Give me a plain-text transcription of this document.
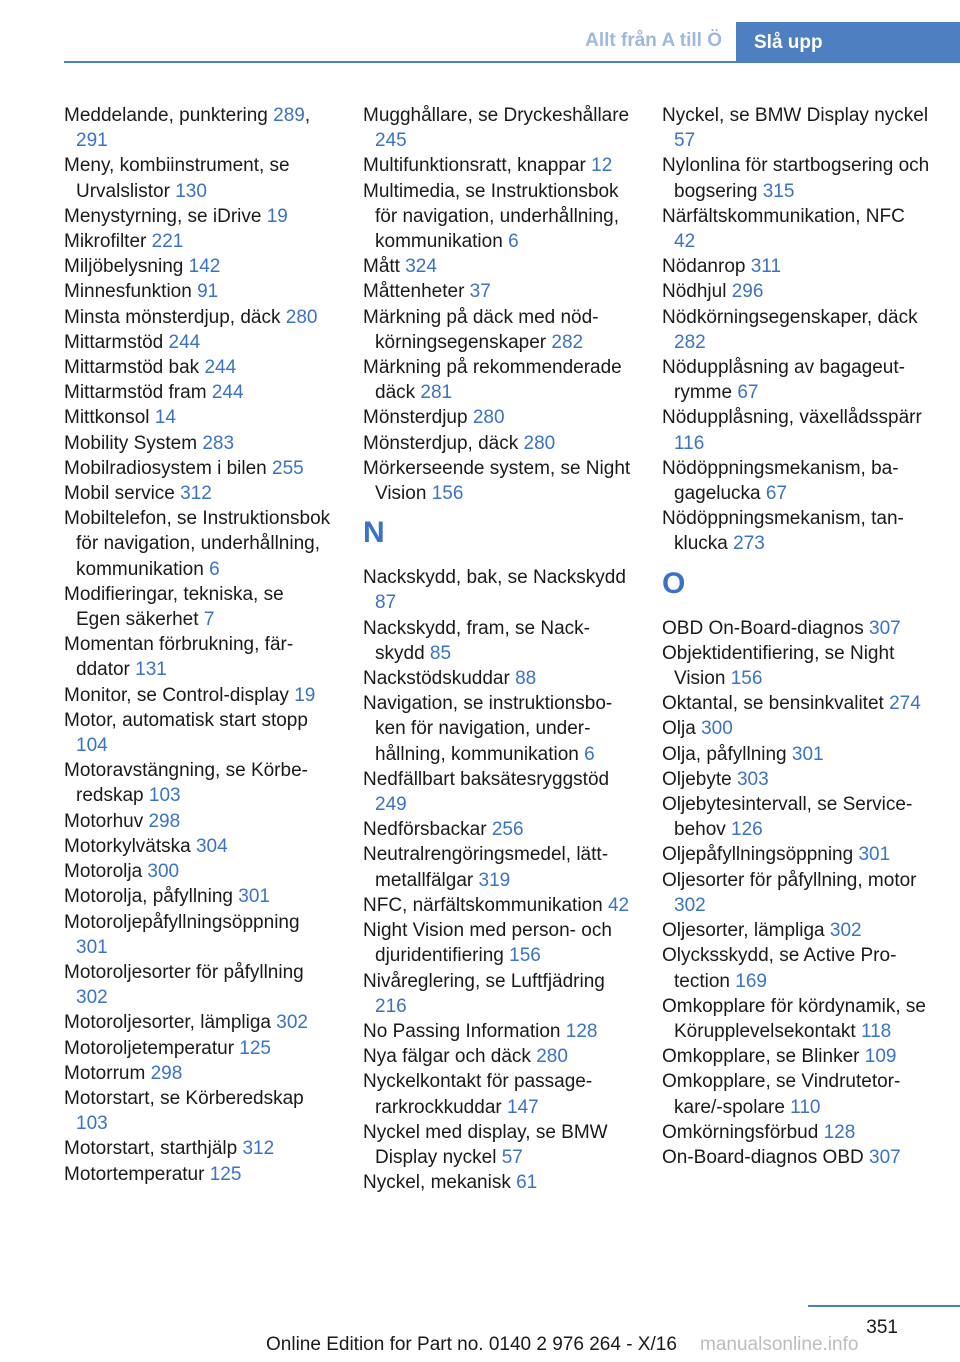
Allt från A till Ö	Slå upp
Meddelande, punktering 289, 291
Meny, kombiinstrument, se Urvalslistor 130
Menystyrning, se iDrive 19
Mikrofilter 221
Miljöbelysning 142
Minnesfunktion 91
Minsta mönsterdjup, däck 280
Mittarmstöd 244
Mittarmstöd bak 244
Mittarmstöd fram 244
Mittkonsol 14
Mobility System 283
Mobilradiosystem i bilen 255
Mobil service 312
Mobiltelefon, se Instruktionsbok för navigation, underhållning, kommunikation 6
Modifieringar, tekniska, se Egen säkerhet 7
Momentan förbrukning, färddator 131
Monitor, se Control-display 19
Motor, automatisk start stopp 104
Motoravstängning, se Körberedskap 103
Motorhuv 298
Motorkylvätska 304
Motorolja 300
Motorolja, påfyllning 301
Motoroljepåfyllningsöppning 301
Motoroljesorter för påfyllning 302
Motoroljesorter, lämpliga 302
Motoroljetemperatur 125
Motorrum 298
Motorstart, se Körberedskap 103
Motorstart, starthjälp 312
Motortemperatur 125
Mugghållare, se Dryckeshållare 245
Multifunktionsratt, knappar 12
Multimedia, se Instruktionsbok för navigation, underhållning, kommunikation 6
Mått 324
Måttenheter 37
Märkning på däck med nödkörningsegenskaper 282
Märkning på rekommenderade däck 281
Mönsterdjup 280
Mönsterdjup, däck 280
Mörkerseende system, se Night Vision 156
N
Nackskydd, bak, se Nackskydd 87
Nackskydd, fram, se Nackskydd 85
Nackstödskuddar 88
Navigation, se instruktionsboken för navigation, underhållning, kommunikation 6
Nedfällbart baksätesryggstöd 249
Nedförsbackar 256
Neutralrengöringsmedel, lättmetallfälgar 319
NFC, närfältskommunikation 42
Night Vision med person- och djuridentifiering 156
Nivåreglering, se Luftfjädring 216
No Passing Information 128
Nya fälgar och däck 280
Nyckelkontakt för passagerarkrockkuddar 147
Nyckel med display, se BMW Display nyckel 57
Nyckel, mekanisk 61
Nyckel, se BMW Display nyckel 57
Nylonlina för startbogsering och bogsering 315
Närfältskommunikation, NFC 42
Nödanrop 311
Nödhjul 296
Nödkörningsegenskaper, däck 282
Nödupplåsning av bagageutrymme 67
Nödupplåsning, växellådsspärr 116
Nödöppningsmekanism, bagagelucka 67
Nödöppningsmekanism, tanklucka 273
O
OBD On-Board-diagnos 307
Objektidentifiering, se Night Vision 156
Oktantal, se bensinkvalitet 274
Olja 300
Olja, påfyllning 301
Oljebyte 303
Oljebytesintervall, se Servicebehov 126
Oljepåfyllningsöppning 301
Oljesorter för påfyllning, motor 302
Oljesorter, lämpliga 302
Olycksskydd, se Active Protection 169
Omkopplare för kördynamik, se Körupplevelsekontakt 118
Omkopplare, se Blinker 109
Omkopplare, se Vindrutetorkare/-spolare 110
Omkörningsförbud 128
On-Board-diagnos OBD 307
351
Online Edition for Part no. 0140 2 976 264 - X/16 manualsonline.info
